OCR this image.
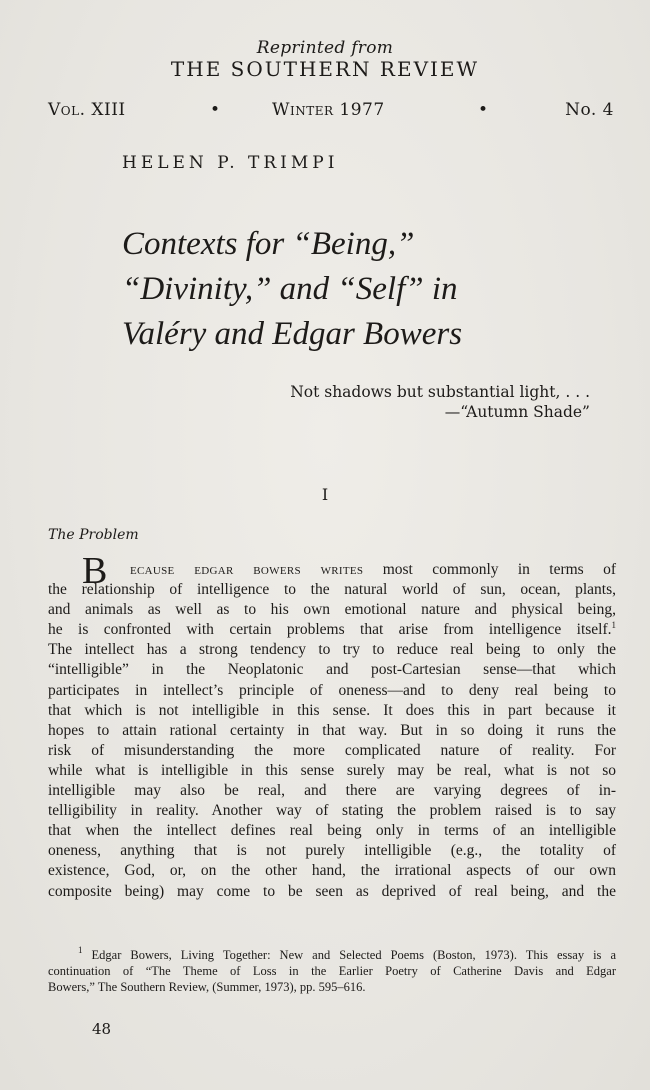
Reprinted from
THE SOUTHERN REVIEW
Vol. XIII	•	Winter 1977	•	No. 4
HELEN P. TRIMPI
Contexts for “Being,”
“Divinity,” and “Self” in
Valéry and Edgar Bowers
Not shadows but substantial light, . . .
—“Autumn Shade”
I
The Problem
B	ecause edgar bowers writes most commonly in terms of
the relationship of intelligence to the natural world of sun, ocean, plants,
and animals as well as to his own emotional nature and physical being,
he is confronted with certain problems that arise from intelligence itself.$^1$
The intellect has a strong tendency to try to reduce real being to only the
“intelligible” in the Neoplatonic and post-Cartesian sense—that which
participates in intellect’s principle of oneness—and to deny real being to
that which is not intelligible in this sense. It does this in part because it
hopes to attain rational certainty in that way. But in so doing it runs the
risk of misunderstanding the more complicated nature of reality. For
while what is intelligible in this sense surely may be real, what is not so
intelligible may also be real, and there are varying degrees of in-
telligibility in reality. Another way of stating the problem raised is to say
that when the intellect defines real being only in terms of an intelligible
oneness, anything that is not purely intelligible (e.g., the totality of
existence, God, or, on the other hand, the irrational aspects of our own
composite being) may come to be seen as deprived of real being, and the
$^1$ Edgar Bowers, Living Together: New and Selected Poems (Boston, 1973). This essay is a
continuation of “The Theme of Loss in the Earlier Poetry of Catherine Davis and Edgar
Bowers,” The Southern Review, (Summer, 1973), pp. 595–616.
48
